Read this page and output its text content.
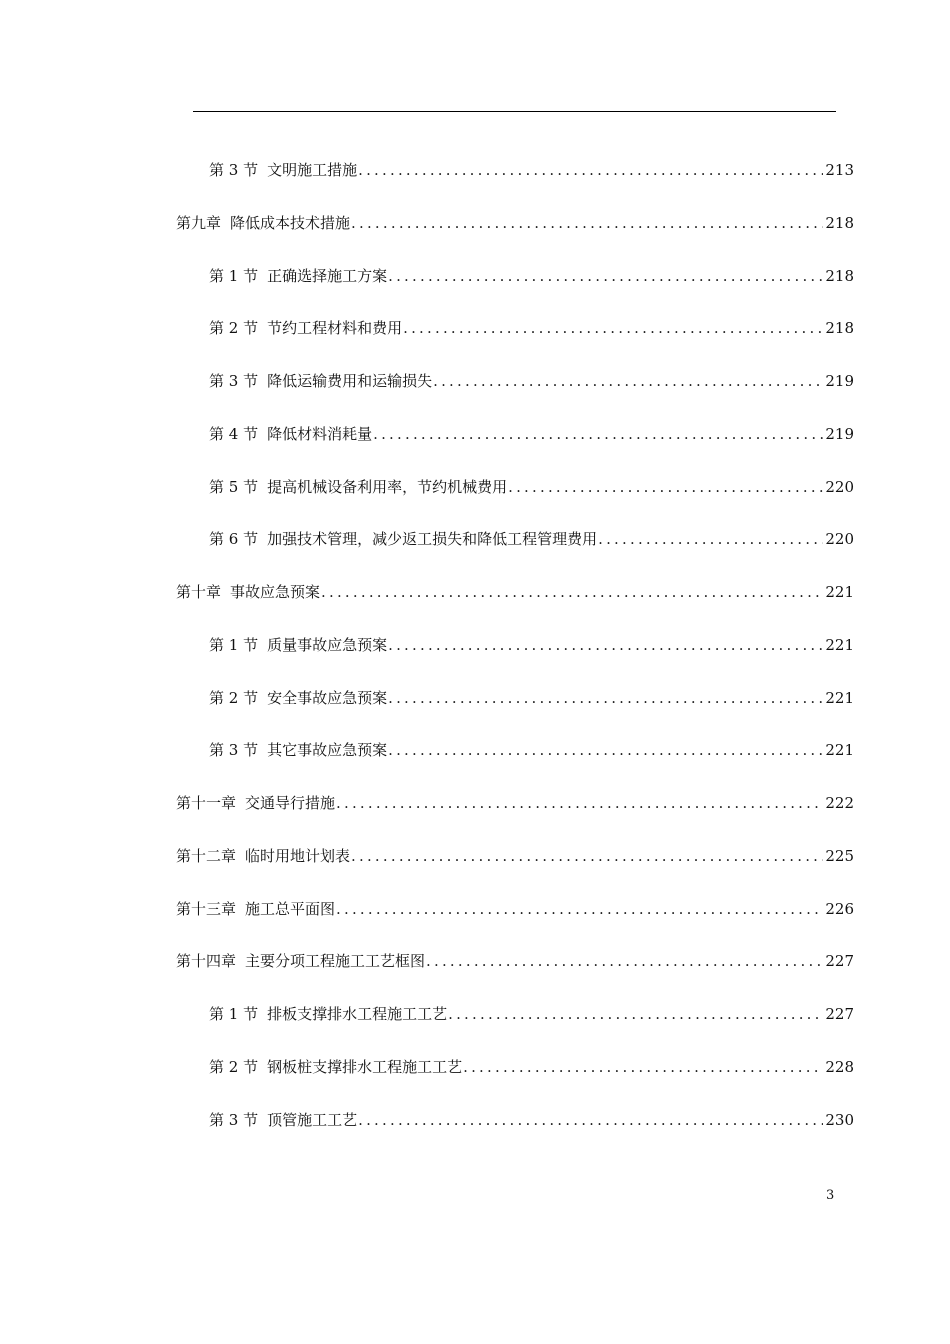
第 3 节 文明施工措施 .....	213
第九章 降低成本技术措施 .....	218
第 1 节 正确选择施工方案 .....	218
第 2 节 节约工程材料和费用 .....	218
第 3 节 降低运输费用和运输损失 .....	219
第 4 节 降低材料消耗量 .....	219
第 5 节 提高机械设备利用率，节约机械费用 .....	220
第 6 节 加强技术管理，减少返工损失和降低工程管理费用 .....	220
第十章 事故应急预案 .....	221
第 1 节 质量事故应急预案 .....	221
第 2 节 安全事故应急预案 .....	221
第 3 节 其它事故应急预案 .....	221
第十一章 交通导行措施 .....	222
第十二章 临时用地计划表 .....	225
第十三章 施工总平面图 .....	226
第十四章 主要分项工程施工工艺框图 .....	227
第 1 节 排板支撑排水工程施工工艺 .....	227
第 2 节 钢板桩支撑排水工程施工工艺 .....	228
第 3 节 顶管施工工艺 .....	230
3
